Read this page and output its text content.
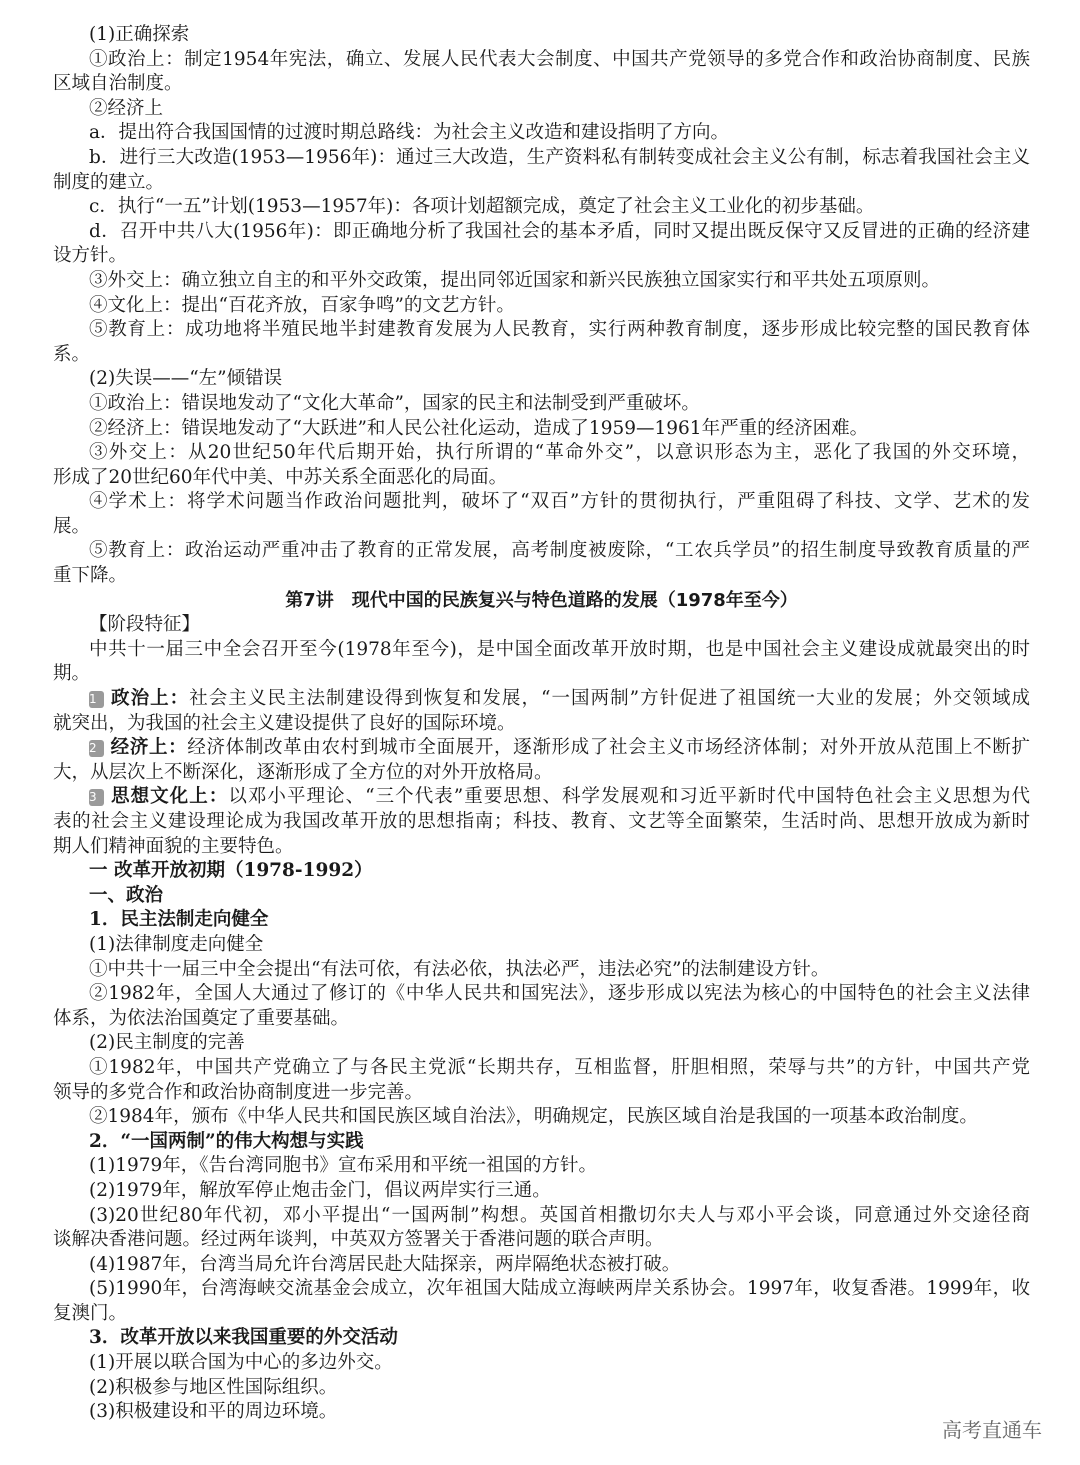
(1)正确探索
①政治上：制定1954年宪法，确立、发展人民代表大会制度、中国共产党领导的多党合作和政治协商制度、民族
区域自治制度。
②经济上
a．提出符合我国国情的过渡时期总路线：为社会主义改造和建设指明了方向。
b．进行三大改造(1953—1956年)：通过三大改造，生产资料私有制转变成社会主义公有制，标志着我国社会主义
制度的建立。
c．执行“一五”计划(1953—1957年)：各项计划超额完成，奠定了社会主义工业化的初步基础。
d．召开中共八大(1956年)：即正确地分析了我国社会的基本矛盾，同时又提出既反保守又反冒进的正确的经济建
设方针。
③外交上：确立独立自主的和平外交政策，提出同邻近国家和新兴民族独立国家实行和平共处五项原则。
④文化上：提出“百花齐放，百家争鸣”的文艺方针。
⑤教育上：成功地将半殖民地半封建教育发展为人民教育，实行两种教育制度，逐步形成比较完整的国民教育体
系。
(2)失误——“左”倾错误
①政治上：错误地发动了“文化大革命”，国家的民主和法制受到严重破坏。
②经济上：错误地发动了“大跃进”和人民公社化运动，造成了1959—1961年严重的经济困难。
③外交上：从20世纪50年代后期开始，执行所谓的“革命外交”，以意识形态为主，恶化了我国的外交环境，
形成了20世纪60年代中美、中苏关系全面恶化的局面。
④学术上：将学术问题当作政治问题批判，破坏了“双百”方针的贯彻执行，严重阻碍了科技、文学、艺术的发
展。
⑤教育上：政治运动严重冲击了教育的正常发展，高考制度被废除，“工农兵学员”的招生制度导致教育质量的严
重下降。
第7讲　现代中国的民族复兴与特色道路的发展（1978年至今）
【阶段特征】
中共十一届三中全会召开至今(1978年至今)，是中国全面改革开放时期，也是中国社会主义建设成就最突出的时
期。
1 政治上：社会主义民主法制建设得到恢复和发展，“一国两制”方针促进了祖国统一大业的发展；外交领域成
就突出，为我国的社会主义建设提供了良好的国际环境。
2 经济上：经济体制改革由农村到城市全面展开，逐渐形成了社会主义市场经济体制；对外开放从范围上不断扩
大，从层次上不断深化，逐渐形成了全方位的对外开放格局。
3 思想文化上：以邓小平理论、“三个代表”重要思想、科学发展观和习近平新时代中国特色社会主义思想为代
表的社会主义建设理论成为我国改革开放的思想指南；科技、教育、文艺等全面繁荣，生活时尚、思想开放成为新时
期人们精神面貌的主要特色。
一 改革开放初期（1978-1992）
一、政治
1．民主法制走向健全
(1)法律制度走向健全
①中共十一届三中全会提出“有法可依，有法必依，执法必严，违法必究”的法制建设方针。
②1982年，全国人大通过了修订的《中华人民共和国宪法》，逐步形成以宪法为核心的中国特色的社会主义法律
体系，为依法治国奠定了重要基础。
(2)民主制度的完善
①1982年，中国共产党确立了与各民主党派“长期共存，互相监督，肝胆相照，荣辱与共”的方针，中国共产党
领导的多党合作和政治协商制度进一步完善。
②1984年，颁布《中华人民共和国民族区域自治法》，明确规定，民族区域自治是我国的一项基本政治制度。
2．“一国两制”的伟大构想与实践
(1)1979年，《告台湾同胞书》宣布采用和平统一祖国的方针。
(2)1979年，解放军停止炮击金门，倡议两岸实行三通。
(3)20世纪80年代初，邓小平提出“一国两制”构想。英国首相撒切尔夫人与邓小平会谈，同意通过外交途径商
谈解决香港问题。经过两年谈判，中英双方签署关于香港问题的联合声明。
(4)1987年，台湾当局允许台湾居民赴大陆探亲，两岸隔绝状态被打破。
(5)1990年，台湾海峡交流基金会成立，次年祖国大陆成立海峡两岸关系协会。1997年，收复香港。1999年，收
复澳门。
3．改革开放以来我国重要的外交活动
(1)开展以联合国为中心的多边外交。
(2)积极参与地区性国际组织。
(3)积极建设和平的周边环境。
高考直通车
